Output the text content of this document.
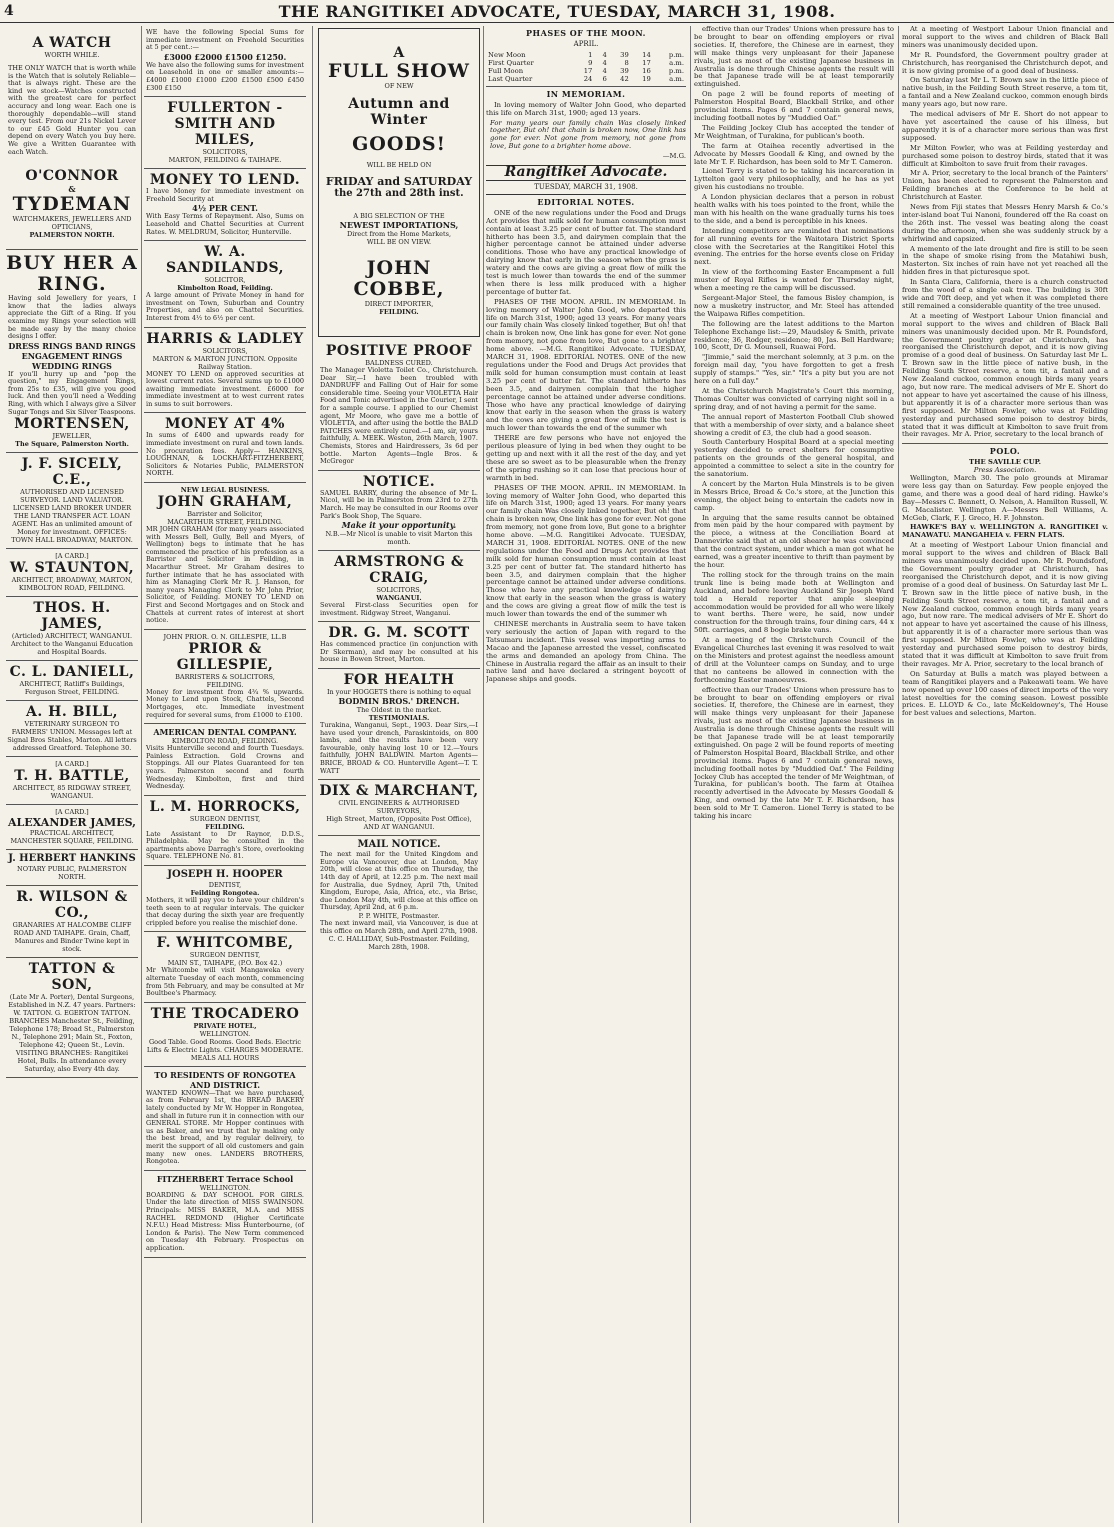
4	THE RANGITIKEI ADVOCATE, TUESDAY, MARCH 31, 1908.
A WATCH
WORTH WHILE.
THE ONLY WATCH that is worth while is the Watch that is solutely Reliable—that is always right. These are the kind we stock—Watches constructed with the greatest care for perfect accuracy and long wear. Each one is thoroughly dependable—will stand every test. From our 21s Nickel Lever to our £45 Gold Hunter you can depend on every Watch you buy here. We give a Written Guarantee with each Watch.
O'CONNOR
&
TYDEMAN
WATCHMAKERS, JEWELLERS AND OPTICIANS,
PALMERSTON NORTH.
BUY HER A RING.
Having sold Jewellery for years, I know that the ladies always appreciate the Gift of a Ring. If you examine my Rings your selection will be made easy by the many choice designs I offer.
DRESS RINGS BAND RINGS ENGAGEMENT RINGS WEDDING RINGS
If you'll hurry up and "pop the question," my Engagement Rings, from 25s to £35, will give you good luck. And then you'll need a Wedding Ring, with which I always give a Silver Sugar Tongs and Six Silver Teaspoons.
MORTENSEN,
JEWELLER,
The Square, Palmerston North.
J. F. SICELY, C.E.,
AUTHORISED AND LICENSED SURVEYOR. LAND VALUATOR. LICENSED LAND BROKER UNDER THE LAND TRANSFER ACT. LOAN AGENT. Has an unlimited amount of Money for investment. OFFICES: TOWN HALL BROADWAY, MARTON.
[A CARD.]
W. STAUNTON,
ARCHITECT, BROADWAY, MARTON, KIMBOLTON ROAD, FEILDING.
THOS. H. JAMES,
(Articled) ARCHITECT, WANGANUI. Architect to the Wanganui Education and Hospital Boards.
C. L. DANIELL,
ARCHITECT, Ratliff's Buildings, Ferguson Street, FEILDING.
A. H. BILL,
VETERINARY SURGEON TO FARMERS' UNION. Messages left at Signal Bros Stables, Marton. All letters addressed Greatford. Telephone 30.
[A CARD.]
T. H. BATTLE,
ARCHITECT, 85 RIDGWAY STREET, WANGANUI.
[A CARD.]
ALEXANDER JAMES,
PRACTICAL ARCHITECT, MANCHESTER SQUARE, FEILDING.
J. HERBERT HANKINS
NOTARY PUBLIC, PALMERSTON NORTH.
R. WILSON & CO.,
GRANARIES AT HALCOMBE CLIFF ROAD AND TAIHAPE. Grain, Chaff, Manures and Binder Twine kept in stock.
TATTON & SON,
(Late Mr A. Porter), Dental Surgeons, Established in N.Z. 47 years. Partners: W. TATTON. G. EGERTON TATTON. BRANCHES Manchester St., Feilding, Telephone 178; Broad St., Palmerston N., Telephone 291; Main St., Foxton, Telephone 42; Queen St., Levin. VISITING BRANCHES: Rangitikei Hotel, Bulls. In attendance every Saturday, also Every 4th day.
WE have the following Special Sums for immediate investment on Freehold Securities at 5 per cent.:—
£3000 £2000 £1500 £1250.
We have also the following sums for investment on Leasehold in one or smaller amounts:— £4000 £1000 £1000 £200 £1500 £500 £450 £300 £150
FULLERTON - SMITH AND MILES,
SOLICITORS,
MARTON, FEILDING & TAIHAPE.
MONEY TO LEND.
I have Money for immediate investment on Freehold Security at
4½ PER CENT.
With Easy Terms of Repayment. Also, Sums on Leasehold and Chattel Securities at Current Rates. W. MELDRUM, Solicitor, Hunterville.
W. A. SANDILANDS,
SOLICITOR,
Kimbolton Road, Feilding.
A large amount of Private Money in hand for investment on Town, Suburban and Country Properties, and also on Chattel Securities. Interest from 4½ to 6½ per cent.
HARRIS & LADLEY
SOLICITORS,
MARTON & MARTON JUNCTION. Opposite Railway Station.
MONEY TO LEND on approved securities at lowest current rates. Several sums up to £1000 awaiting immediate investment. £6000 for immediate investment at to west current rates in sums to suit borrowers.
MONEY AT 4%
In sums of £400 and upwards ready for immediate investment on rural and town lands. No procuration fees. Apply— HANKINS, LOUGHNAN, & LOCKHART-FITZHERBERT, Solicitors & Notaries Public, PALMERSTON NORTH.
NEW LEGAL BUSINESS.
JOHN GRAHAM,
Barrister and Solicitor,
MACARTHUR STREET, FEILDING.
MR JOHN GRAHAM (for many years associated with Messrs Bell, Gully, Bell and Myers, of Wellington) begs to intimate that he has commenced the practice of his profession as a Barrister and Solicitor in Feilding, in Macarthur Street. Mr Graham desires to further intimate that he has associated with him as Managing Clerk Mr R. J. Hanson, for many years Managing Clerk to Mr John Prior, Solicitor, of Feilding. MONEY TO LEND on First and Second Mortgages and on Stock and Chattels at current rates of interest at short notice.
JOHN PRIOR. O. N. GILLESPIE, LL.B
PRIOR & GILLESPIE,
BARRISTERS & SOLICITORS,
FEILDING.
Money for investment from 4¾ % upwards. Money to Lend upon Stock, Chattels, Second Mortgages, etc. Immediate investment required for several sums, from £1000 to £100.
AMERICAN DENTAL COMPANY.
KIMBOLTON ROAD, FEILDING.
Visits Hunterville second and fourth Tuesdays. Painless Extraction. Gold Crowns and Stoppings. All our Plates Guaranteed for ten years. Palmerston second and fourth Wednesday; Kimbolton, first and third Wednesday.
L. M. HORROCKS,
SURGEON DENTIST,
FEILDING.
Late Assistant to Dr Raynor, D.D.S., Philadelphia. May be consulted in the apartments above Darragh's Store, overlooking Square. TELEPHONE No. 81.
JOSEPH H. HOOPER
DENTIST,
Feilding Rongotea.
Mothers, it will pay you to have your children's teeth seen to at regular intervals. The quicker that decay during the sixth year are frequently crippled before you realise the mischief done.
F. WHITCOMBE,
SURGEON DENTIST,
MAIN ST., TAIHAPE, (P.O. Box 42.)
Mr Whitcombe will visit Mangaweka every alternate Tuesday of each month, commencing from 5th February, and may be consulted at Mr Boultbee's Pharmacy.
THE TROCADERO
PRIVATE HOTEL,
WELLINGTON.
Good Table. Good Rooms. Good Beds. Electric Lifts & Electric Lights. CHARGES MODERATE. MEALS ALL HOURS
TO RESIDENTS OF RONGOTEA AND DISTRICT.
WANTED KNOWN—That we have purchased, as from February 1st, the BREAD BAKERY lately conducted by Mr W. Hopper in Rongotea, and shall in future run it in connection with our GENERAL STORE. Mr Hopper continues with us as Baker, and we trust that by making only the best bread, and by regular delivery, to merit the support of all old customers and gain many new ones. LANDERS BROTHERS, Rongotea.
FITZHERBERT Terrace School
WELLINGTON.
BOARDING & DAY SCHOOL FOR GIRLS. Under the late direction of MISS SWAINSON. Principals: MISS BAKER, M.A. and MISS RACHEL REDMOND (Higher Certificate N.F.U.) Head Mistress: Miss Hunterbourne, (of London & Paris). The New Term commenced on Tuesday 4th February. Prospectus on application.
A
FULL SHOW
OF NEW
Autumn and Winter
GOODS!
WILL BE HELD ON
FRIDAY and SATURDAY
the 27th and 28th inst.
A BIG SELECTION OF THE
NEWEST IMPORTATIONS,
Direct from the Home Markets,
WILL BE ON VIEW.
JOHN COBBE,
DIRECT IMPORTER,
FEILDING.
POSITIVE PROOF
BALDNESS CURED.
The Manager Violetta Toilet Co., Christchurch. Dear Sir,—I have been troubled with DANDRUFF and Falling Out of Hair for some considerable time. Seeing your VIOLETTA Hair Food and Tonic advertised in the Courier, I sent for a sample course. I applied to our Chemist agent, Mr Moore, who gave me a bottle of VIOLETTA, and after using the bottle the BALD PATCHES were entirely cured.—I am, sir, yours faithfully, A. MEEK. Weston, 26th March, 1907. Chemists, Stores and Hairdressers, 3s 6d per bottle. Marton Agents—Ingle Bros. & McGregor
NOTICE.
SAMUEL BARRY, during the absence of Mr L. Nicol, will be in Palmerston from 23rd to 27th March. He may be consulted in our Rooms over Park's Book Shop, The Square.
Make it your opportunity.
N.B.—Mr Nicol is unable to visit Marton this month.
ARMSTRONG & CRAIG,
SOLICITORS,
WANGANUI.
Several First-class Securities open for investment. Ridgway Street, Wanganui.
DR. G. M. SCOTT
Has commenced practice (in conjunction with Dr Skerman), and may be consulted at his house in Bowen Street, Marton.
FOR HEALTH
In your HOGGETS there is nothing to equal
BODMIN BROS.' DRENCH.
The Oldest in the market.
TESTIMONIALS.
Turakina, Wanganui, Sept., 1903. Dear Sirs,—I have used your drench, Paraskintoids, on 800 lambs, and the results have been very favourable, only having lost 10 or 12.—Yours faithfully, JOHN BALDWIN. Marton Agents—BRICE, BROAD & CO. Hunterville Agent—T. T. WATT
DIX & MARCHANT,
CIVIL ENGINEERS & AUTHORISED SURVEYORS,
High Street, Marton, (Opposite Post Office), AND AT WANGANUI.
MAIL NOTICE.
The next mail for the United Kingdom and Europe via Vancouver, due at London, May 20th, will close at this office on Thursday, the 14th day of April, at 12.25 p.m. The next mail for Australia, due Sydney, April 7th, United Kingdom, Europe, Asia, Africa, etc., via Brisc, due London May 4th, will close at this office on Thursday, April 2nd, at 6 p.m.
P. P. WHITE, Postmaster.
The next inward mail, via Vancouver, is due at this office on March 28th, and April 27th, 1908.
C. C. HALLIDAY, Sub-Postmaster. Feilding, March 28th, 1908.
PHASES OF THE MOON.
APRIL.
New Moon	1	4	39	14	p.m.
First Quarter	9	4	8	17	a.m.
Full Moon	17	4	39	16	p.m.
Last Quarter	24	6	42	19	a.m.
IN MEMORIAM.
In loving memory of Walter John Good, who departed this life on March 31st, 1900; aged 13 years.
For many years our family chain Was closely linked together, But oh! that chain is broken now, One link has gone for ever. Not gone from memory, not gone from love, But gone to a brighter home above.
—M.G.
Rangitikei Advocate.
TUESDAY, MARCH 31, 1908.
EDITORIAL NOTES.
ONE of the new regulations under the Food and Drugs Act provides that milk sold for human consumption must contain at least 3.25 per cent of butter fat. The standard hitherto has been 3.5, and dairymen complain that the higher percentage cannot be attained under adverse conditions. Those who have any practical knowledge of dairying know that early in the season when the grass is watery and the cows are giving a great flow of milk the test is much lower than towards the end of the summer when there is less milk produced with a higher percentage of butter fat.
PHASES OF THE MOON. APRIL. IN MEMORIAM. In loving memory of Walter John Good, who departed this life on March 31st, 1900; aged 13 years. For many years our family chain Was closely linked together, But oh! that chain is broken now, One link has gone for ever. Not gone from memory, not gone from love, But gone to a brighter home above. —M.G. Rangitikei Advocate. TUESDAY, MARCH 31, 1908. EDITORIAL NOTES. ONE of the new regulations under the Food and Drugs Act provides that milk sold for human consumption must contain at least 3.25 per cent of butter fat. The standard hitherto has been 3.5, and dairymen complain that the higher percentage cannot be attained under adverse conditions. Those who have any practical knowledge of dairying know that early in the season when the grass is watery and the cows are giving a great flow of milk the test is much lower than towards the end of the summer wh
THERE are few persons who have not enjoyed the perilous pleasure of lying in bed when they ought to be getting up and next with it all the rest of the day, and yet these are so sweet as to be pleasurable when the frenzy of the spring rushing so it can lose that precious hour of warmth in bed.
PHASES OF THE MOON. APRIL. IN MEMORIAM. In loving memory of Walter John Good, who departed this life on March 31st, 1900; aged 13 years. For many years our family chain Was closely linked together, But oh! that chain is broken now, One link has gone for ever. Not gone from memory, not gone from love, But gone to a brighter home above. —M.G. Rangitikei Advocate. TUESDAY, MARCH 31, 1908. EDITORIAL NOTES. ONE of the new regulations under the Food and Drugs Act provides that milk sold for human consumption must contain at least 3.25 per cent of butter fat. The standard hitherto has been 3.5, and dairymen complain that the higher percentage cannot be attained under adverse conditions. Those who have any practical knowledge of dairying know that early in the season when the grass is watery and the cows are giving a great flow of milk the test is much lower than towards the end of the summer wh
CHINESE merchants in Australia seem to have taken very seriously the action of Japan with regard to the Tatsumaru incident. This vessel was importing arms to Macao and the Japanese arrested the vessel, confiscated the arms and demanded an apology from China. The Chinese in Australia regard the affair as an insult to their native land and have declared a stringent boycott of Japanese ships and goods.
effective than our Trades' Unions when pressure has to be brought to bear on offending employers or rival societies. If, therefore, the Chinese are in earnest, they will make things very unpleasant for their Japanese rivals, just as most of the existing Japanese business in Australia is done through Chinese agents the result will be that Japanese trade will be at least temporarily extinguished.
On page 2 will be found reports of meeting of Palmerston Hospital Board, Blackball Strike, and other provincial items. Pages 6 and 7 contain general news, including football notes by "Muddied Oaf."
The Feilding Jockey Club has accepted the tender of Mr Weightman, of Turakina, for publican's booth.
The farm at Otaihea recently advertised in the Advocate by Messrs Goodall & King, and owned by the late Mr T. F. Richardson, has been sold to Mr T. Cameron.
Lionel Terry is stated to be taking his incarceration in Lyttelton gaol very philosophically, and he has as yet given his custodians no trouble.
A London physician declares that a person in robust health walks with his toes pointed to the front, while the man with his health on the wane gradually turns his toes to the side, and a bend is perceptible in his knees.
Intending competitors are reminded that nominations for all running events for the Waitotara District Sports close with the Secretaries at the Rangitikei Hotel this evening. The entries for the horse events close on Friday next.
In view of the forthcoming Easter Encampment a full muster of Royal Rifles is wanted for Thursday night, when a meeting re the camp will be discussed.
Sergeant-Major Steel, the famous Bisley champion, is now a musketry instructor, and Mr. Steel has attended the Waipawa Rifles competition.
The following are the latest additions to the Marton Telephone Exchange list:—29, Maudsley & Smith, private residence; 36, Rodger, residence; 80, Jas. Bell Hardware; 100, Scott, Dr G. Mounsell, Ruawai Ford.
"Jimmie," said the merchant solemnly, at 3 p.m. on the foreign mail day, "you have forgotten to get a fresh supply of stamps." "Yes, sir." "It's a pity but you are not here on a full day."
At the Christchurch Magistrate's Court this morning, Thomas Coulter was convicted of carrying night soil in a spring dray, and of not having a permit for the same.
The annual report of Masterton Football Club showed that with a membership of over sixty, and a balance sheet showing a credit of £3, the club had a good season.
South Canterbury Hospital Board at a special meeting yesterday decided to erect shelters for consumptive patients on the grounds of the general hospital, and appointed a committee to select a site in the country for the sanatorium.
A concert by the Marton Hula Minstrels is to be given in Messrs Brice, Broad & Co.'s store, at the Junction this evening, the object being to entertain the cadets now in camp.
In arguing that the same results cannot be obtained from men paid by the hour compared with payment by the piece, a witness at the Conciliation Board at Dannevirke said that at an old shearer he was convinced that the contract system, under which a man got what he earned, was a greater incentive to thrift than payment by the hour.
The rolling stock for the through trains on the main trunk line is being made both at Wellington and Auckland, and before leaving Auckland Sir Joseph Ward told a Herald reporter that ample sleeping accommodation would be provided for all who were likely to want berths. There were, he said, now under construction for the through trains, four dining cars, 44 x 50ft. carriages, and 8 bogie brake vans.
At a meeting of the Christchurch Council of the Evangelical Churches last evening it was resolved to wait on the Ministers and protest against the needless amount of drill at the Volunteer camps on Sunday, and to urge that no canteens be allowed in connection with the forthcoming Easter manoeuvres.
effective than our Trades' Unions when pressure has to be brought to bear on offending employers or rival societies. If, therefore, the Chinese are in earnest, they will make things very unpleasant for their Japanese rivals, just as most of the existing Japanese business in Australia is done through Chinese agents the result will be that Japanese trade will be at least temporarily extinguished. On page 2 will be found reports of meeting of Palmerston Hospital Board, Blackball Strike, and other provincial items. Pages 6 and 7 contain general news, including football notes by "Muddied Oaf." The Feilding Jockey Club has accepted the tender of Mr Weightman, of Turakina, for publican's booth. The farm at Otaihea recently advertised in the Advocate by Messrs Goodall & King, and owned by the late Mr T. F. Richardson, has been sold to Mr T. Cameron. Lionel Terry is stated to be taking his incarc
At a meeting of Westport Labour Union financial and moral support to the wives and children of Black Ball miners was unanimously decided upon.
Mr R. Poundsford, the Government poultry grader at Christchurch, has reorganised the Christchurch depot, and it is now giving promise of a good deal of business.
On Saturday last Mr L. T. Brown saw in the little piece of native bush, in the Feilding South Street reserve, a tom tit, a fantail and a New Zealand cuckoo, common enough birds many years ago, but now rare.
The medical advisers of Mr E. Short do not appear to have yet ascertained the cause of his illness, but apparently it is of a character more serious than was first supposed.
Mr Milton Fowler, who was at Feilding yesterday and purchased some poison to destroy birds, stated that it was difficult at Kimbolton to save fruit from their ravages.
Mr A. Prior, secretary to the local branch of the Painters' Union, has been elected to represent the Palmerston and Feilding branches at the Conference to be held at Christchurch at Easter.
News from Fiji states that Messrs Henry Marsh & Co.'s inter-island boat Tui Nanoni, foundered off the Ra coast on the 26th inst. The vessel was beating along the coast during the afternoon, when she was suddenly struck by a whirlwind and capsized.
A memento of the late drought and fire is still to be seen in the shape of smoke rising from the Matahiwi bush, Masterton. Six inches of rain have not yet reached all the hidden fires in that picturesque spot.
In Santa Clara, California, there is a church constructed from the wood of a single oak tree. The building is 30ft wide and 70ft deep, and yet when it was completed there still remained a considerable quantity of the tree unused.
At a meeting of Westport Labour Union financial and moral support to the wives and children of Black Ball miners was unanimously decided upon. Mr R. Poundsford, the Government poultry grader at Christchurch, has reorganised the Christchurch depot, and it is now giving promise of a good deal of business. On Saturday last Mr L. T. Brown saw in the little piece of native bush, in the Feilding South Street reserve, a tom tit, a fantail and a New Zealand cuckoo, common enough birds many years ago, but now rare. The medical advisers of Mr E. Short do not appear to have yet ascertained the cause of his illness, but apparently it is of a character more serious than was first supposed. Mr Milton Fowler, who was at Feilding yesterday and purchased some poison to destroy birds, stated that it was difficult at Kimbolton to save fruit from their ravages. Mr A. Prior, secretary to the local branch of
POLO.
THE SAVILLE CUP.
Press Association.
Wellington, March 30. The polo grounds at Miramar were less gay than on Saturday. Few people enjoyed the game, and there was a good deal of hard riding. Hawke's Bay—Messrs C. Bennett, O. Nelson, A. Hamilton Russell, W. G. Macalister. Wellington A—Messrs Bell Williams, A. McGeb, Clark, F. J. Greco, H. F. Johnston.
HAWKE'S BAY v. WELLINGTON A. RANGITIKEI v. MANAWATU. MANGAHEIA v. FERN FLATS.
At a meeting of Westport Labour Union financial and moral support to the wives and children of Black Ball miners was unanimously decided upon. Mr R. Poundsford, the Government poultry grader at Christchurch, has reorganised the Christchurch depot, and it is now giving promise of a good deal of business. On Saturday last Mr L. T. Brown saw in the little piece of native bush, in the Feilding South Street reserve, a tom tit, a fantail and a New Zealand cuckoo, common enough birds many years ago, but now rare. The medical advisers of Mr E. Short do not appear to have yet ascertained the cause of his illness, but apparently it is of a character more serious than was first supposed. Mr Milton Fowler, who was at Feilding yesterday and purchased some poison to destroy birds, stated that it was difficult at Kimbolton to save fruit from their ravages. Mr A. Prior, secretary to the local branch of
On Saturday at Bulls a match was played between a team of Rangitikei players and a Pakeawati team. We have now opened up over 100 cases of direct imports of the very latest novelties for the coming season. Lowest possible prices. E. LLOYD & Co., late McKeldowney's, The House for best values and selections, Marton.
